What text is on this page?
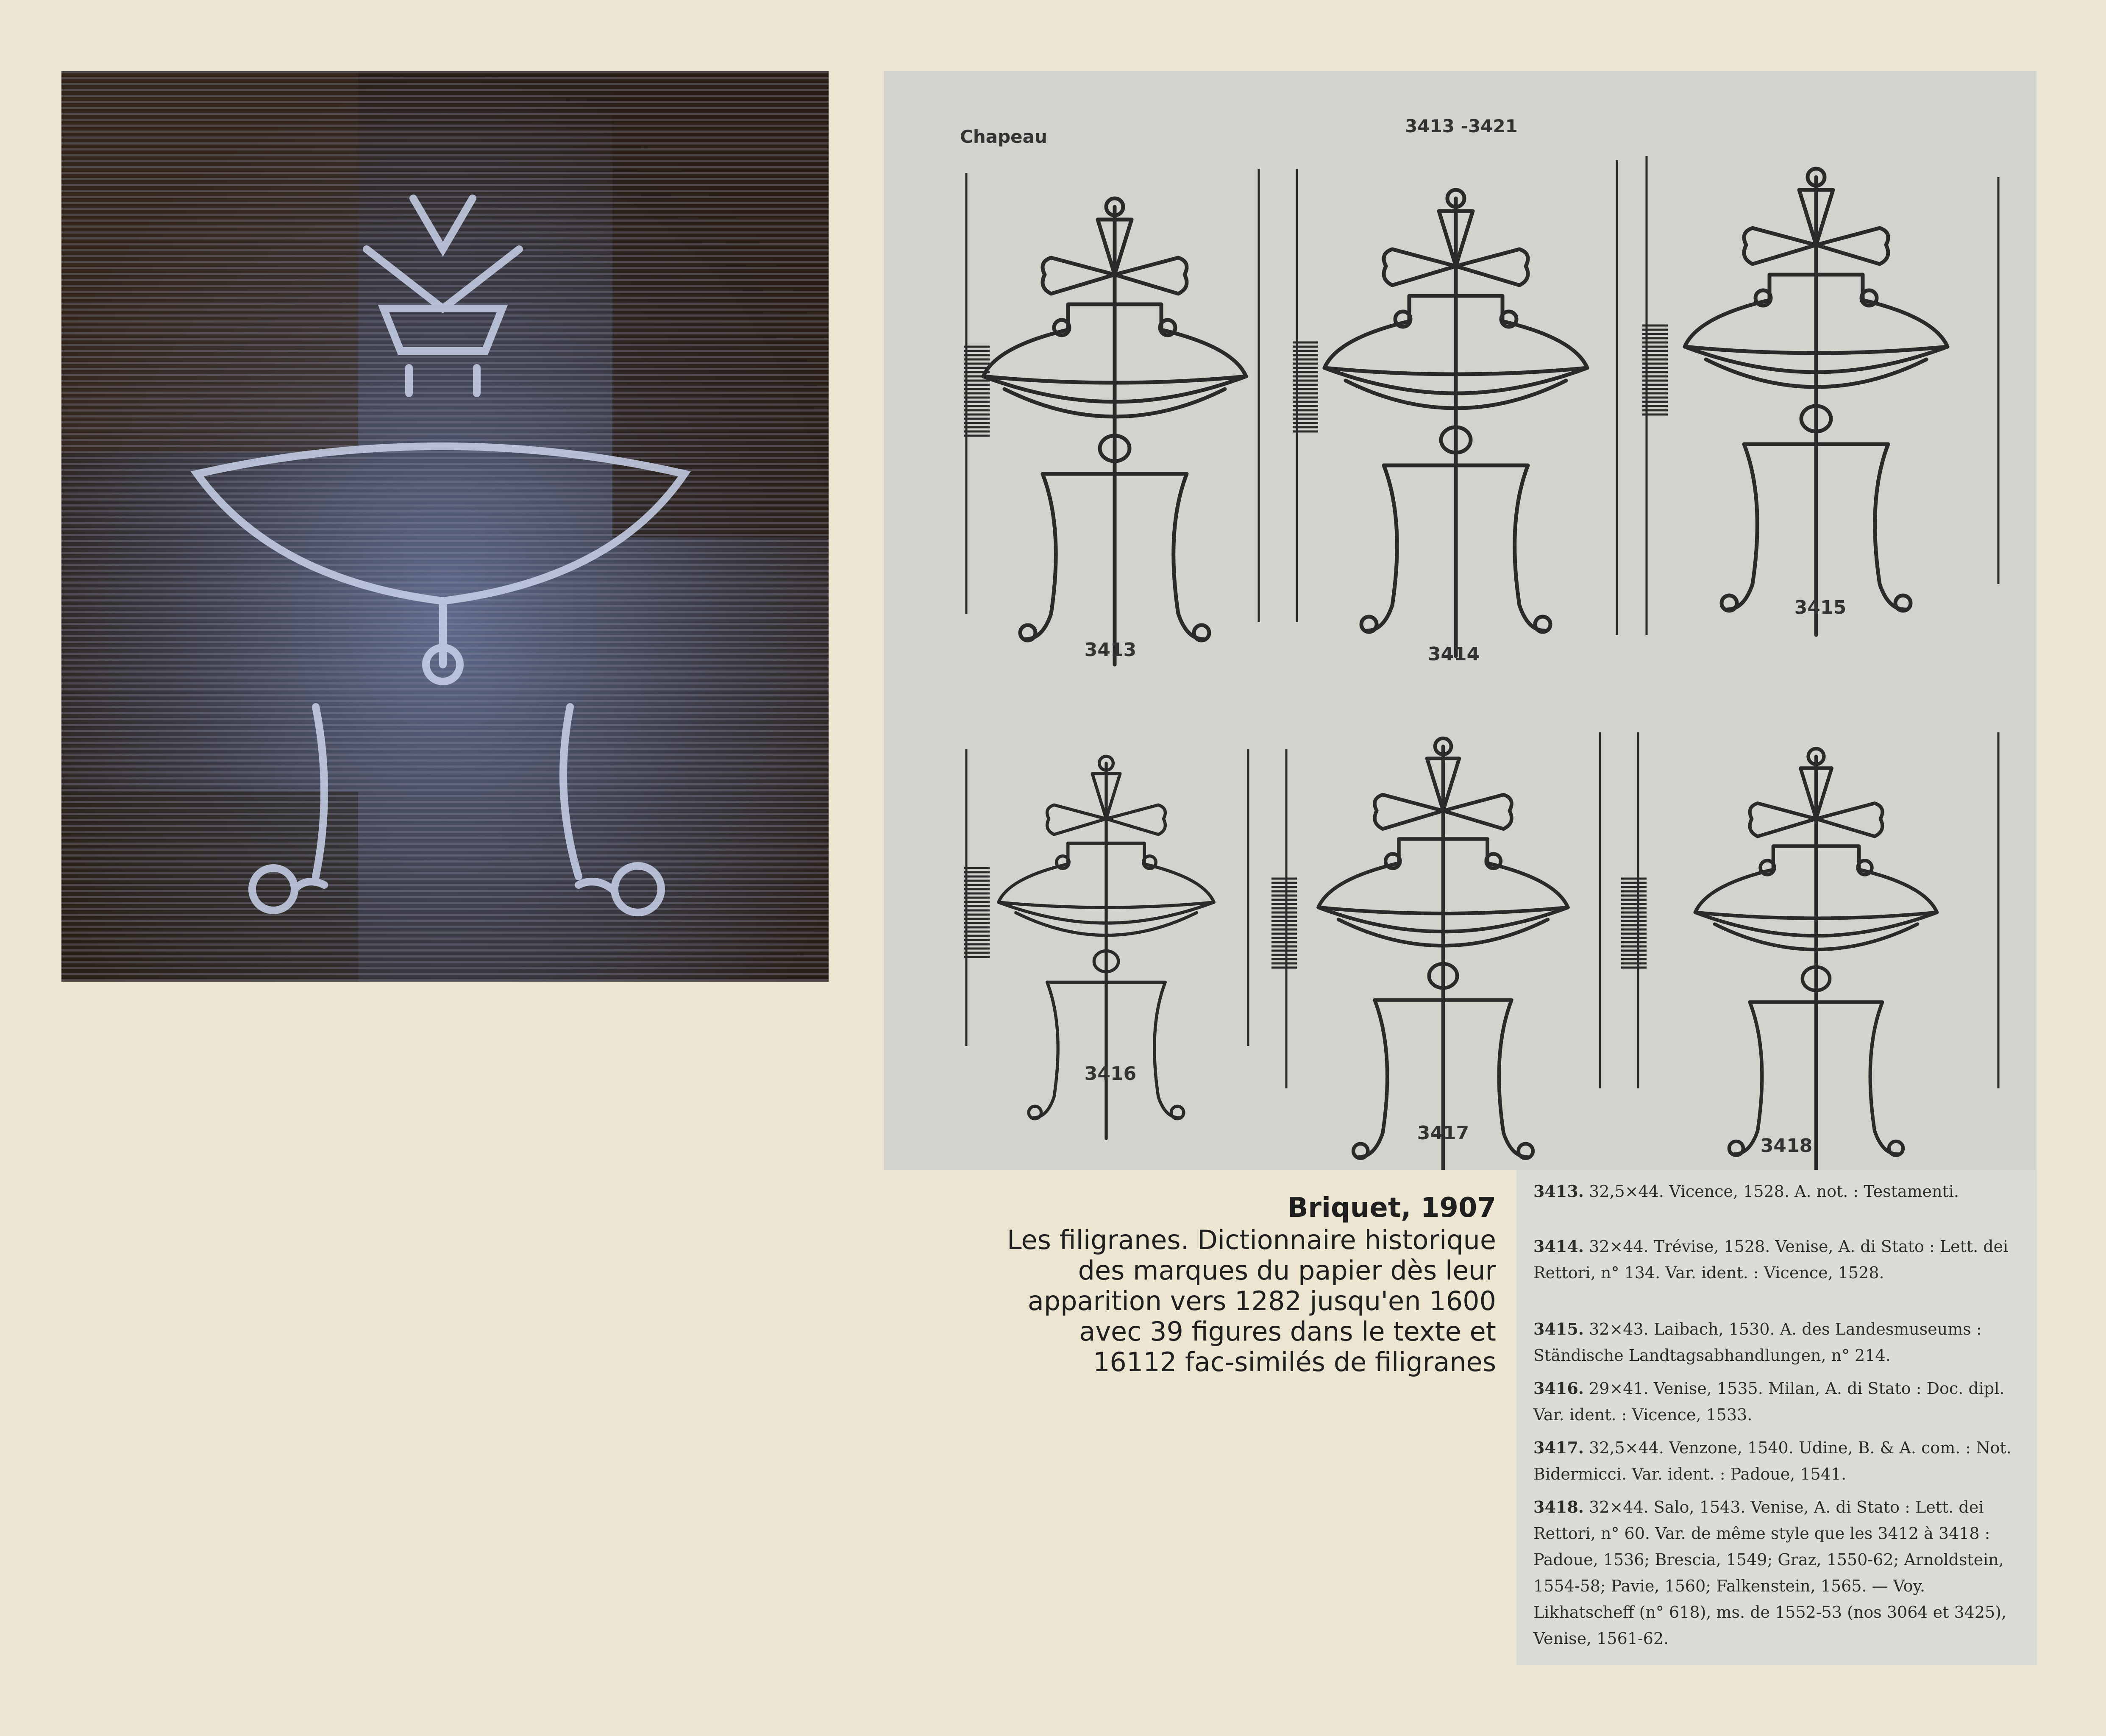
Chapeau
3413 -3421
3413	3414
3415
3416
3417
3418
Briquet, 1907
Les filigranes. Dictionnaire historique
des marques du papier dès leur
apparition vers 1282 jusqu'en 1600
avec 39 figures dans le texte et
16112 fac-similés de filigranes
3413. 32,5×44. Vicence, 1528. A. not. : Testamenti.
3414. 32×44. Trévise, 1528. Venise, A. di Stato : Lett. dei Rettori, n° 134. Var. ident. : Vicence, 1528.
3415. 32×43. Laibach, 1530. A. des Landesmuseums : Ständische Landtagsabhandlungen, n° 214.
3416. 29×41. Venise, 1535. Milan, A. di Stato : Doc. dipl. Var. ident. : Vicence, 1533.
3417. 32,5×44. Venzone, 1540. Udine, B. & A. com. : Not. Bidermicci. Var. ident. : Padoue, 1541.
3418. 32×44. Salo, 1543. Venise, A. di Stato : Lett. dei Rettori, n° 60. Var. de même style que les 3412 à 3418 : Padoue, 1536; Brescia, 1549; Graz, 1550-62; Arnoldstein, 1554-58; Pavie, 1560; Falkenstein, 1565. — Voy. Likhatscheff (n° 618), ms. de 1552-53 (nos 3064 et 3425), Venise, 1561-62.
